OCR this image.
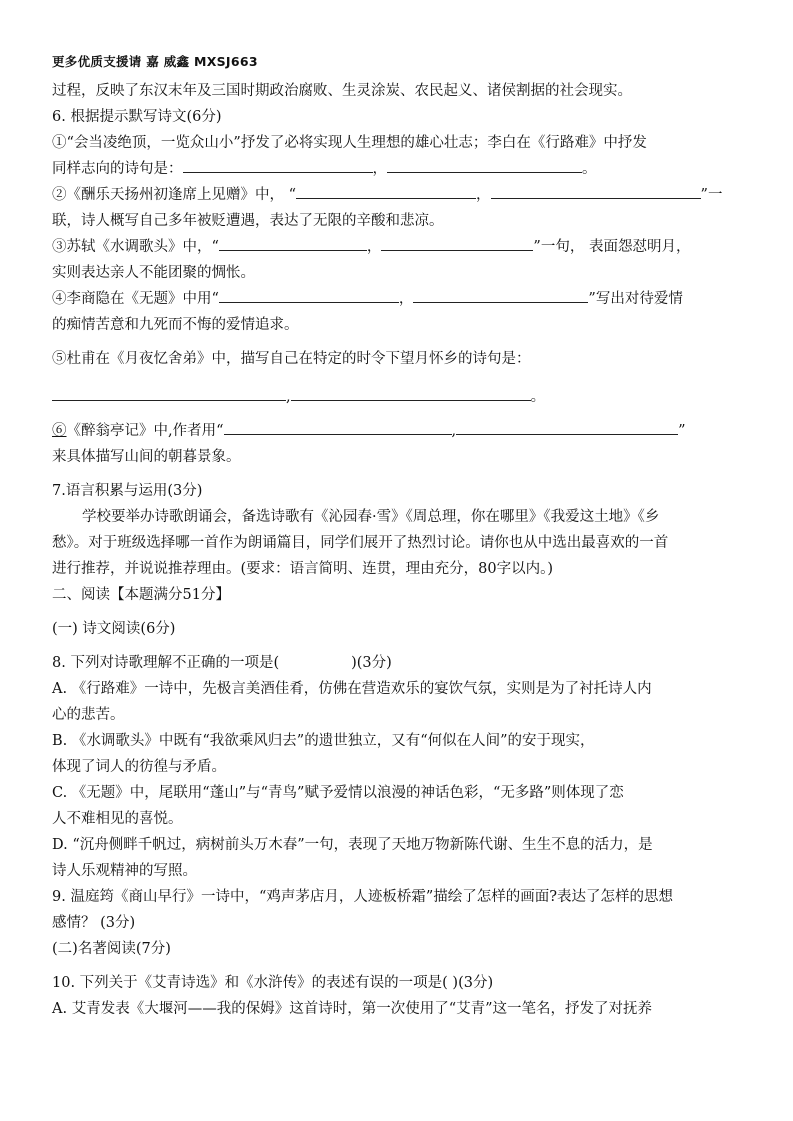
更多优质支援请 嘉 威鑫 MXSJ663
过程，反映了东汉末年及三国时期政治腐败、生灵涂炭、农民起义、诸侯割据的社会现实。
6. 根据提示默写诗文(6分)
①“会当凌绝顶，一览众山小”抒发了必将实现人生理想的雄心壮志；李白在《行路难》中抒发
同样志向的诗句是：	，	。
②《酬乐天扬州初逢席上见赠》中， “	，	”一
联，诗人概写自己多年被贬遭遇，表达了无限的辛酸和悲凉。
③苏轼《水调歌头》中，“	，	”一句， 表面怨怼明月，
实则表达亲人不能团聚的惆怅。
④李商隐在《无题》中用“	，	”写出对待爱情
的痴情苦意和九死而不悔的爱情追求。
⑤杜甫在《月夜忆舍弟》中，描写自己在特定的时令下望月怀乡的诗句是：
,	。
⑥《醉翁亭记》中,作者用“	,	”
来具体描写山间的朝暮景象。
7.语言积累与运用(3分)
学校要举办诗歌朗诵会，备选诗歌有《沁园春·雪》《周总理，你在哪里》《我爱这土地》《乡
愁》。对于班级选择哪一首作为朗诵篇目，同学们展开了热烈讨论。请你也从中选出最喜欢的一首
进行推荐，并说说推荐理由。(要求：语言简明、连贯，理由充分，80字以内。)
二、阅读【本题满分51分】
(一) 诗文阅读(6分)
8. 下列对诗歌理解不正确的一项是(	)(3分)
A. 《行路难》一诗中，先极言美酒佳肴，仿佛在营造欢乐的宴饮气氛，实则是为了衬托诗人内
心的悲苦。
B. 《水调歌头》中既有“我欲乘风归去”的遗世独立，又有“何似在人间”的安于现实，
体现了词人的彷徨与矛盾。
C. 《无题》中，尾联用“蓬山”与“青鸟”赋予爱情以浪漫的神话色彩，“无多路”则体现了恋
人不难相见的喜悦。
D. “沉舟侧畔千帆过，病树前头万木春”一句，表现了天地万物新陈代谢、生生不息的活力，是
诗人乐观精神的写照。
9. 温庭筠《商山早行》一诗中，“鸡声茅店月，人迹板桥霜”描绘了怎样的画面?表达了怎样的思想
感情？ (3分)
(二)名著阅读(7分)
10. 下列关于《艾青诗选》和《水浒传》的表述有误的一项是( )(3分)
A. 艾青发表《大堰河——我的保姆》这首诗时，第一次使用了“艾青”这一笔名，抒发了对抚养
